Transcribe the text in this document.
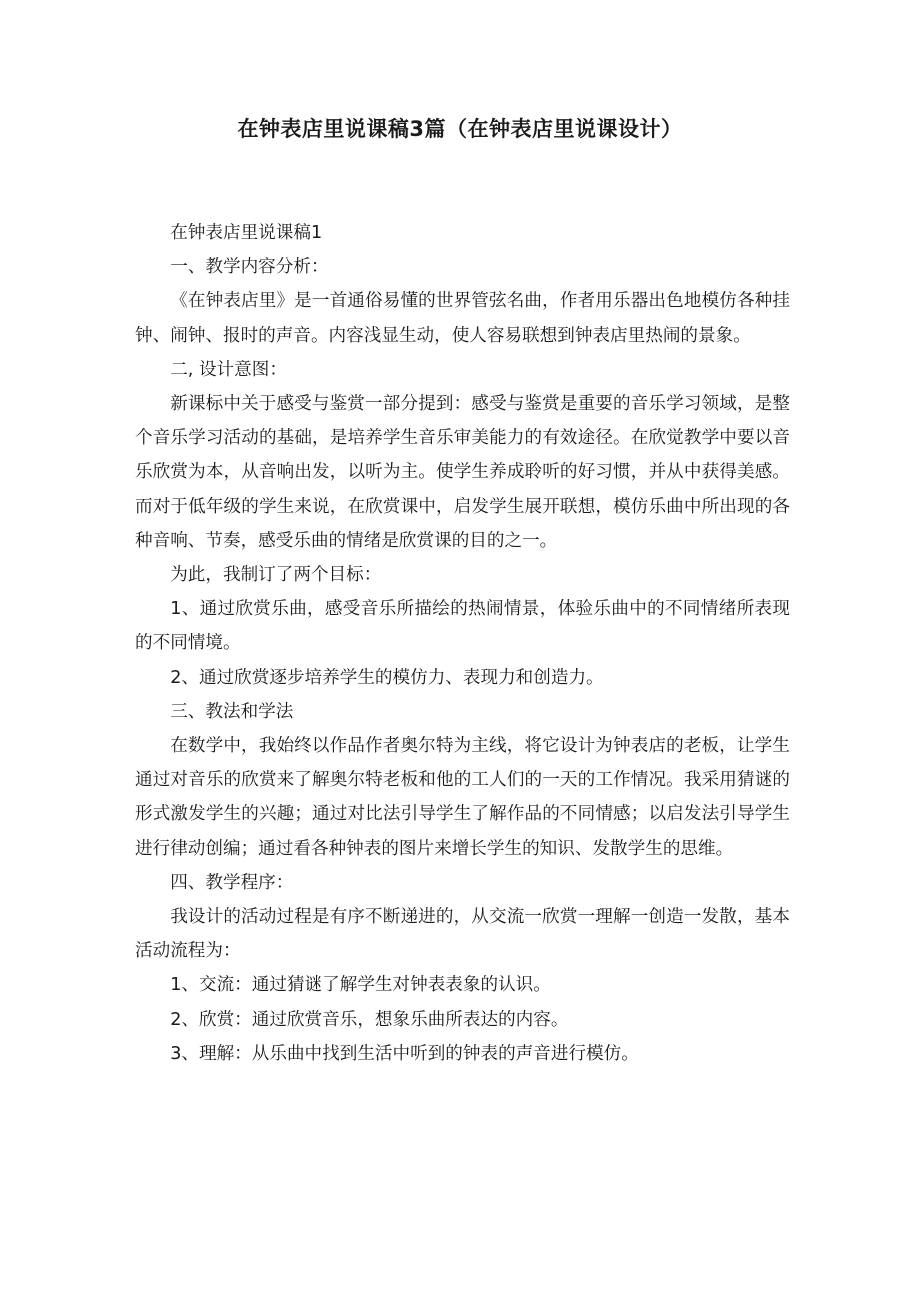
在钟表店里说课稿3篇（在钟表店里说课设计）

在钟表店里说课稿1

一、教学内容分析：

《在钟表店里》是一首通俗易懂的世界管弦名曲，作者用乐器出色地模仿各种挂钟、闹钟、报时的声音。内容浅显生动，使人容易联想到钟表店里热闹的景象。

二, 设计意图：

新课标中关于感受与鉴赏一部分提到：感受与鉴赏是重要的音乐学习领域，是整个音乐学习活动的基础，是培养学生音乐审美能力的有效途径。在欣觉教学中要以音乐欣赏为本，从音响出发，以听为主。使学生养成聆听的好习惯，并从中获得美感。而对于低年级的学生来说，在欣赏课中，启发学生展开联想，模仿乐曲中所出现的各种音响、节奏，感受乐曲的情绪是欣赏课的目的之一。

为此，我制订了两个目标：

1、通过欣赏乐曲，感受音乐所描绘的热闹情景，体验乐曲中的不同情绪所表现的不同情境。

2、通过欣赏逐步培养学生的模仿力、表现力和创造力。

三、教法和学法

在数学中，我始终以作品作者奥尔特为主线，将它设计为钟表店的老板，让学生通过对音乐的欣赏来了解奥尔特老板和他的工人们的一天的工作情况。我采用猜谜的形式激发学生的兴趣；通过对比法引导学生了解作品的不同情感；以启发法引导学生进行律动创编；通过看各种钟表的图片来增长学生的知识、发散学生的思维。

四、教学程序：

我设计的活动过程是有序不断递进的，从交流一欣赏一理解一创造一发散，基本活动流程为：

1、交流：通过猜谜了解学生对钟表表象的认识。

2、欣赏：通过欣赏音乐，想象乐曲所表达的内容。

3、理解：从乐曲中找到生活中听到的钟表的声音进行模仿。
